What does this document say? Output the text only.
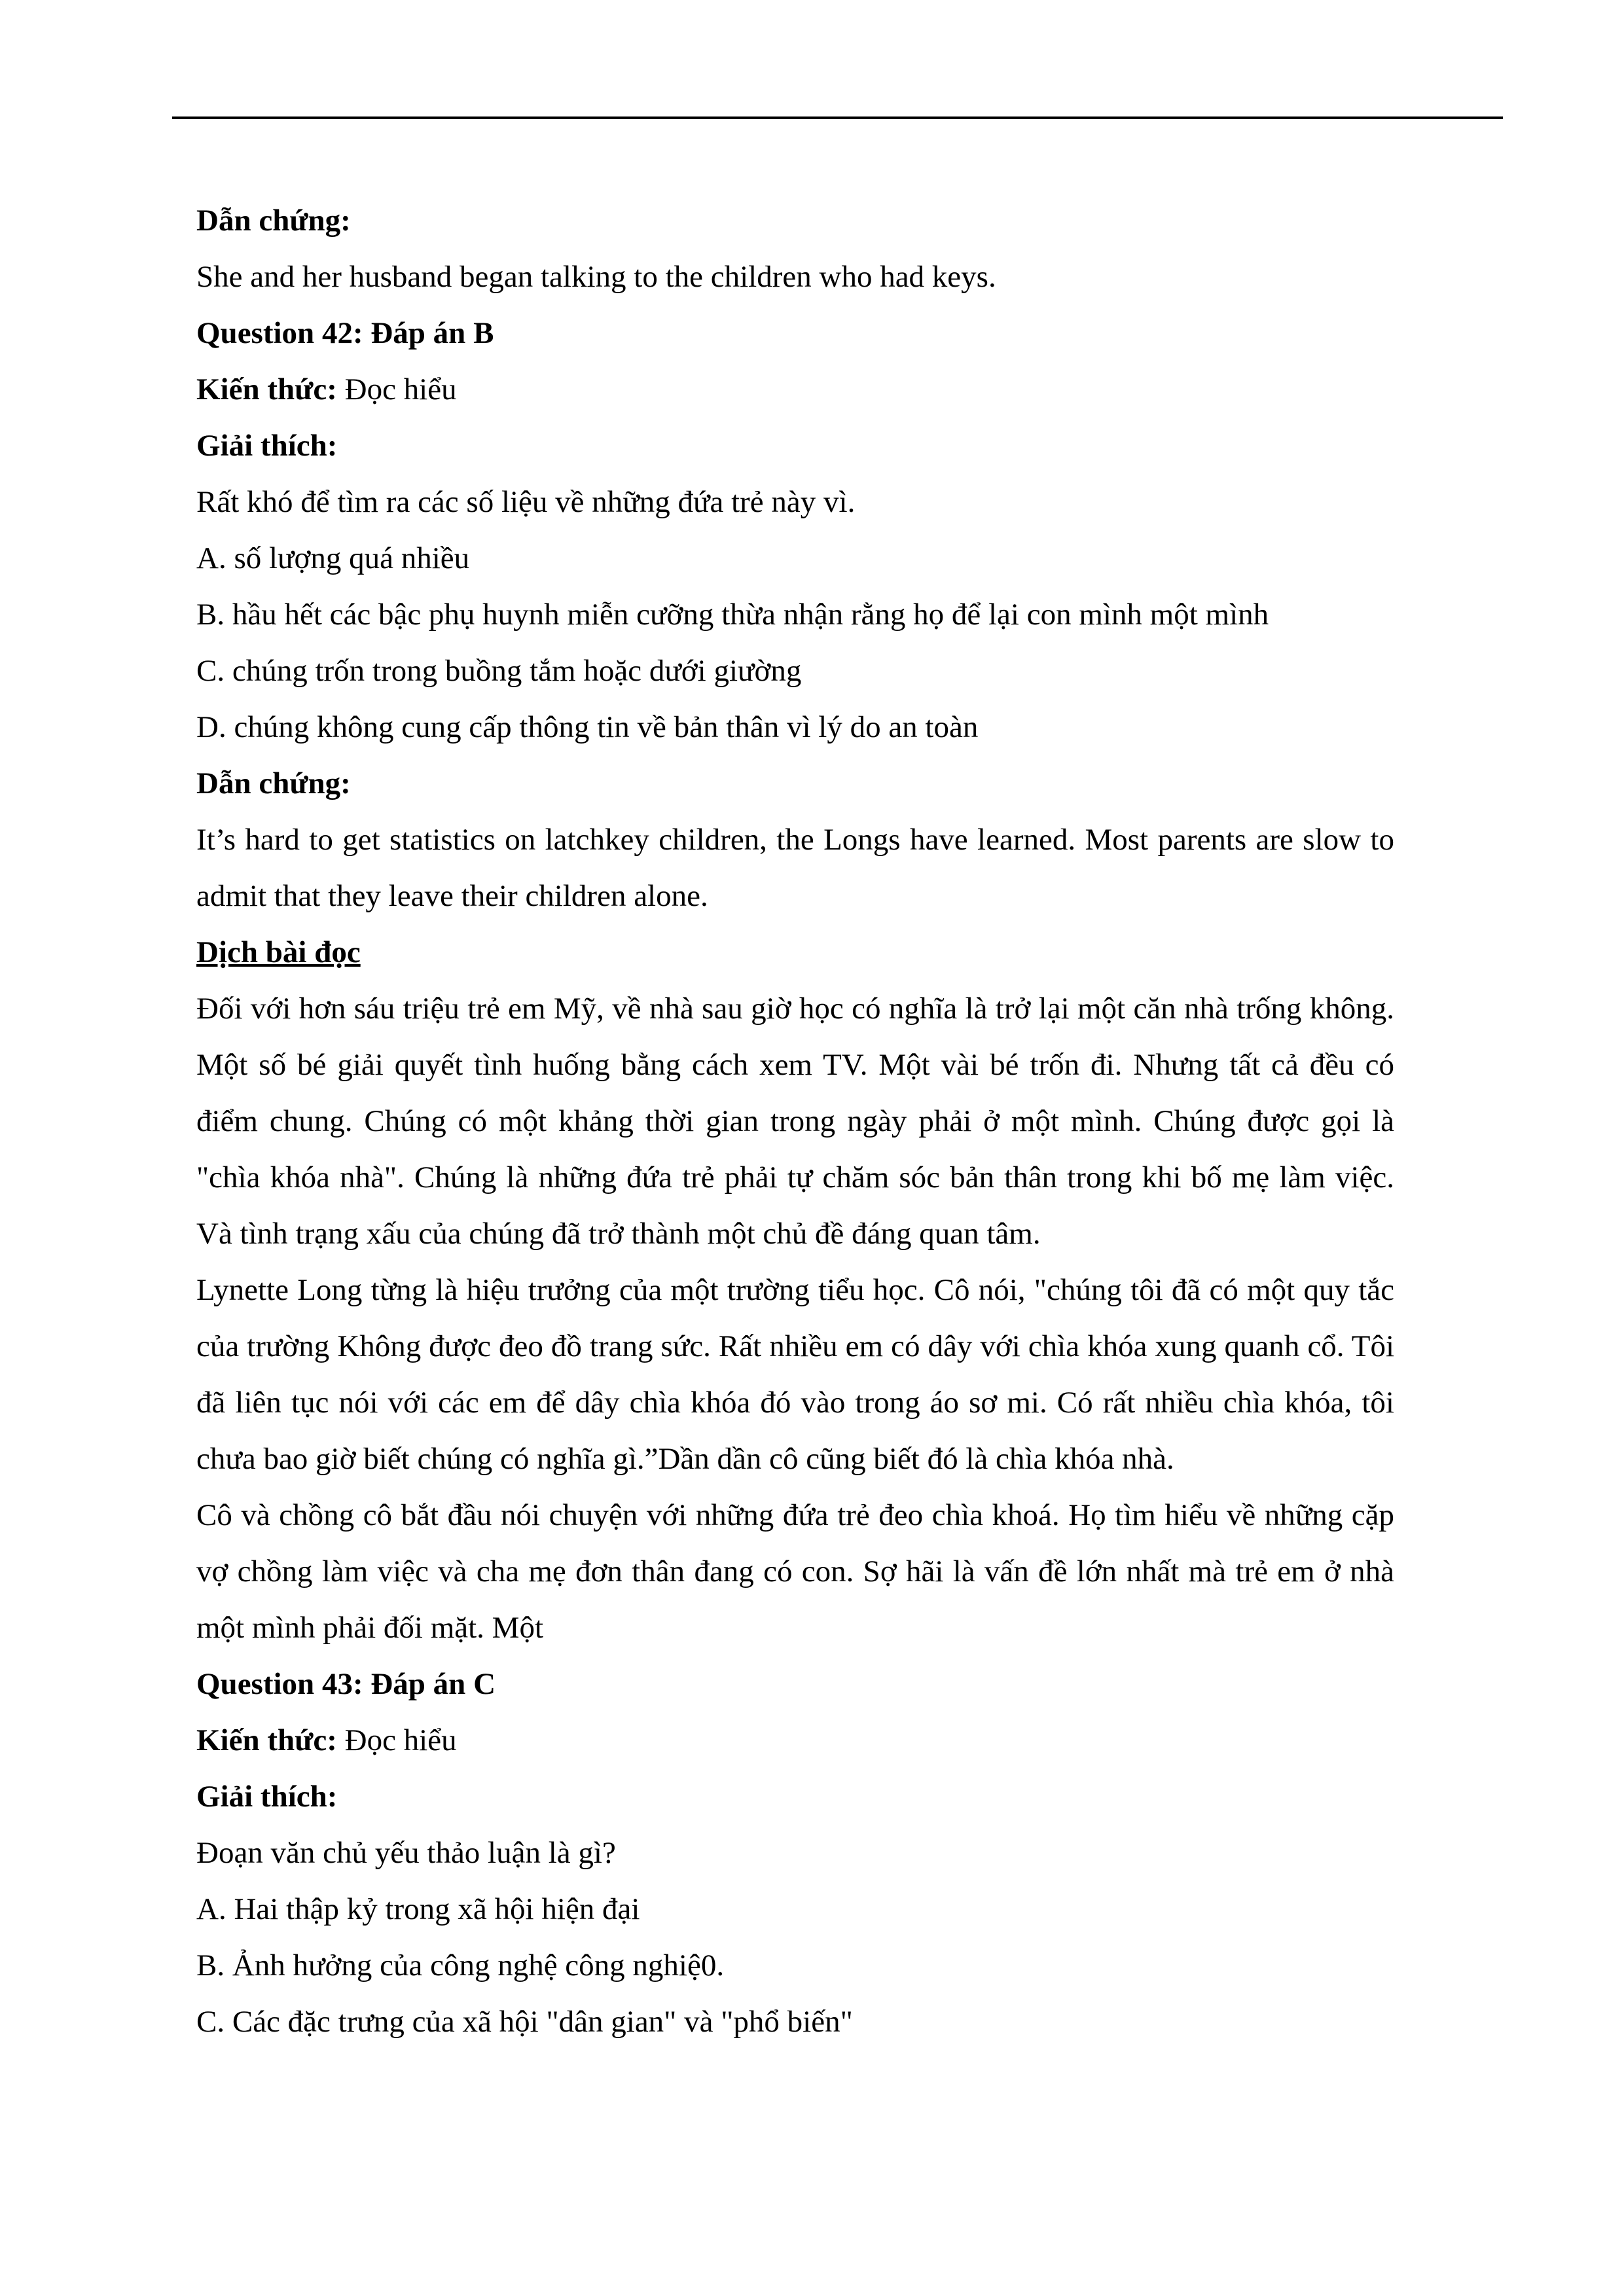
Dẫn chứng:

She and her husband began talking to the children who had keys.

Question 42: Đáp án B

Kiến thức: Đọc hiểu

Giải thích:

Rất khó để tìm ra các số liệu về những đứa trẻ này vì.

A. số lượng quá nhiều

B. hầu hết các bậc phụ huynh miễn cưỡng thừa nhận rằng họ để lại con mình một mình

C. chúng trốn trong buồng tắm hoặc dưới giường

D. chúng không cung cấp thông tin về bản thân vì lý do an toàn

Dẫn chứng:

It’s hard to get statistics on latchkey children, the Longs have learned. Most parents are slow to admit that they leave their children alone.

Dịch bài đọc

Đối với hơn sáu triệu trẻ em Mỹ, về nhà sau giờ học có nghĩa là trở lại một căn nhà trống không. Một số bé giải quyết tình huống bằng cách xem TV. Một vài bé trốn đi. Nhưng tất cả đều có điểm chung. Chúng có một khảng thời gian trong ngày phải ở một mình. Chúng được gọi là "chìa khóa nhà". Chúng là những đứa trẻ phải tự chăm sóc bản thân trong khi bố mẹ làm việc. Và tình trạng xấu của chúng đã trở thành một chủ đề đáng quan tâm.

Lynette Long từng là hiệu trưởng của một trường tiểu học. Cô nói, "chúng tôi đã có một quy tắc của trường Không được đeo đồ trang sức. Rất nhiều em có dây với chìa khóa xung quanh cổ. Tôi đã liên tục nói với các em để dây chìa khóa đó vào trong áo sơ mi. Có rất nhiều chìa khóa, tôi chưa bao giờ biết chúng có nghĩa gì.”Dần dần cô cũng biết đó là chìa khóa nhà.

Cô và chồng cô bắt đầu nói chuyện với những đứa trẻ đeo chìa khoá. Họ tìm hiểu về những cặp vợ chồng làm việc và cha mẹ đơn thân đang có con. Sợ hãi là vấn đề lớn nhất mà trẻ em ở nhà một mình phải đối mặt. Một

Question 43: Đáp án C

Kiến thức: Đọc hiểu

Giải thích:

Đoạn văn chủ yếu thảo luận là gì?

A. Hai thập kỷ trong xã hội hiện đại

B. Ảnh hưởng của công nghệ công nghiệ0.

C. Các đặc trưng của xã hội "dân gian" và "phổ biến"
